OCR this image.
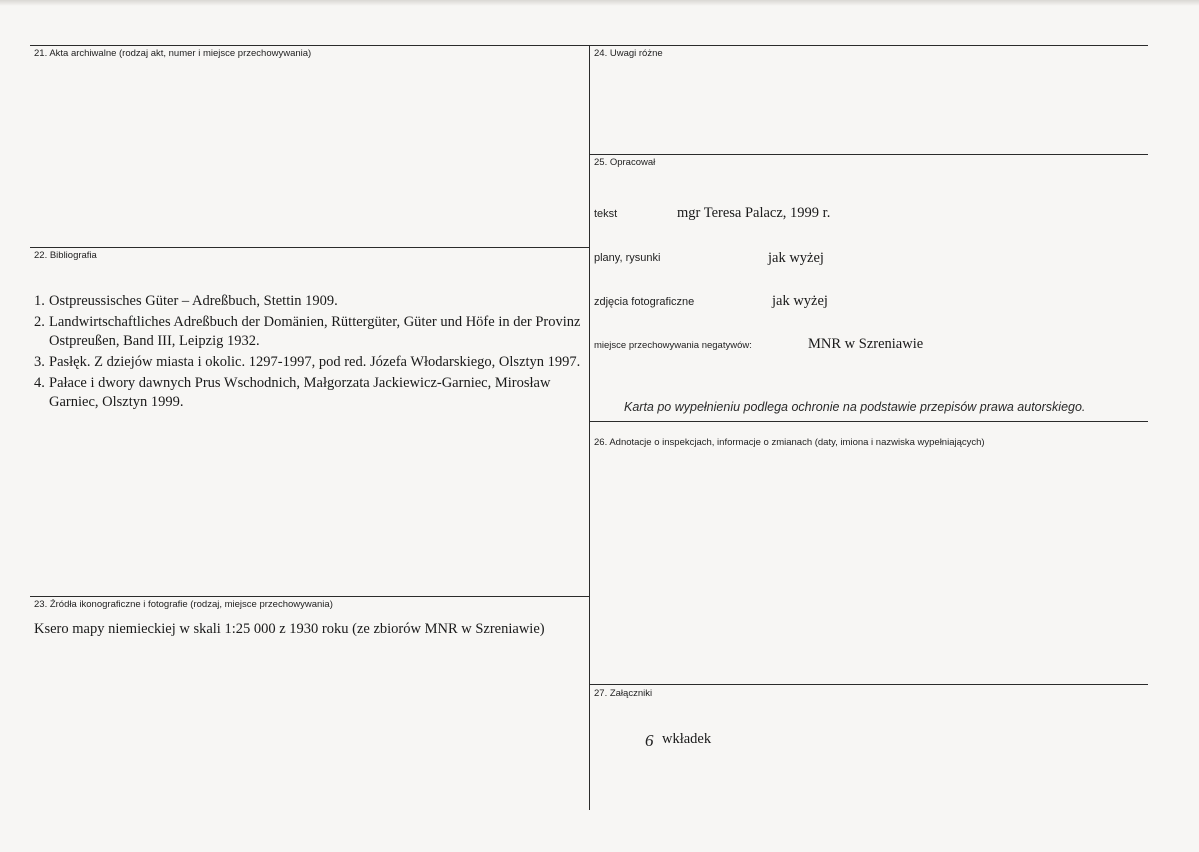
21. Akta archiwalne (rodzaj akt, numer i miejsce przechowywania)
22. Bibliografia
1. Ostpreussisches Güter – Adreßbuch, Stettin 1909.
2. Landwirtschaftliches Adreßbuch der Domänien, Rüttergüter, Güter und Höfe in der Provinz Ostpreußen, Band III, Leipzig 1932.
3. Pasłęk. Z dziejów miasta i okolic. 1297-1997, pod red. Józefa Włodarskiego, Olsztyn 1997.
4. Pałace i dwory dawnych Prus Wschodnich, Małgorzata Jackiewicz-Garniec, Mirosław Garniec, Olsztyn 1999.
23. Źródła ikonograficzne i fotografie (rodzaj, miejsce przechowywania)
Ksero mapy niemieckiej w skali 1:25 000 z 1930 roku (ze zbiorów MNR w Szreniawie)
24. Uwagi różne
25. Opracował
tekst	mgr Teresa Palacz, 1999 r.
plany, rysunki	jak wyżej
zdjęcia fotograficzne	jak wyżej
miejsce przechowywania negatywów:	MNR w Szreniawie
Karta po wypełnieniu podlega ochronie na podstawie przepisów prawa autorskiego.
26. Adnotacje o inspekcjach, informacje o zmianach (daty, imiona i nazwiska wypełniających)
27. Załączniki
6 wkładek
